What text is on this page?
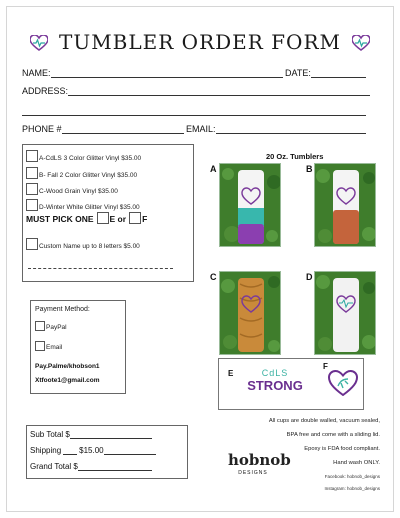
TUMBLER ORDER FORM
NAME:	DATE:
ADDRESS:
PHONE #	EMAIL:
A-CdLS 3 Color Glitter Vinyl $35.00
B- Fall 2 Color Glitter Vinyl $35.00
C-Wood Grain Vinyl $35.00
D-Winter White Glitter Vinyl $35.00
MUST PICK ONE E or F
Custom Name up to 8 letters $5.00
Payment Method:
PayPal
Email
Pay.Palme/khobson1
Xtfoote1@gmail.com
Sub Total $
Shipping $15.00
Grand Total $
20 Oz. Tumblers
A	B
C	D
E	CdLS
STRONG
F
All cups are double walled, vacuum sealed,
BPA free and come with a sliding lid.
Epoxy is FDA food compliant.
Hand wash ONLY.
Facebook: hobnob_designs
Instagram: hobnob_designs
hobnob
DESIGNS
